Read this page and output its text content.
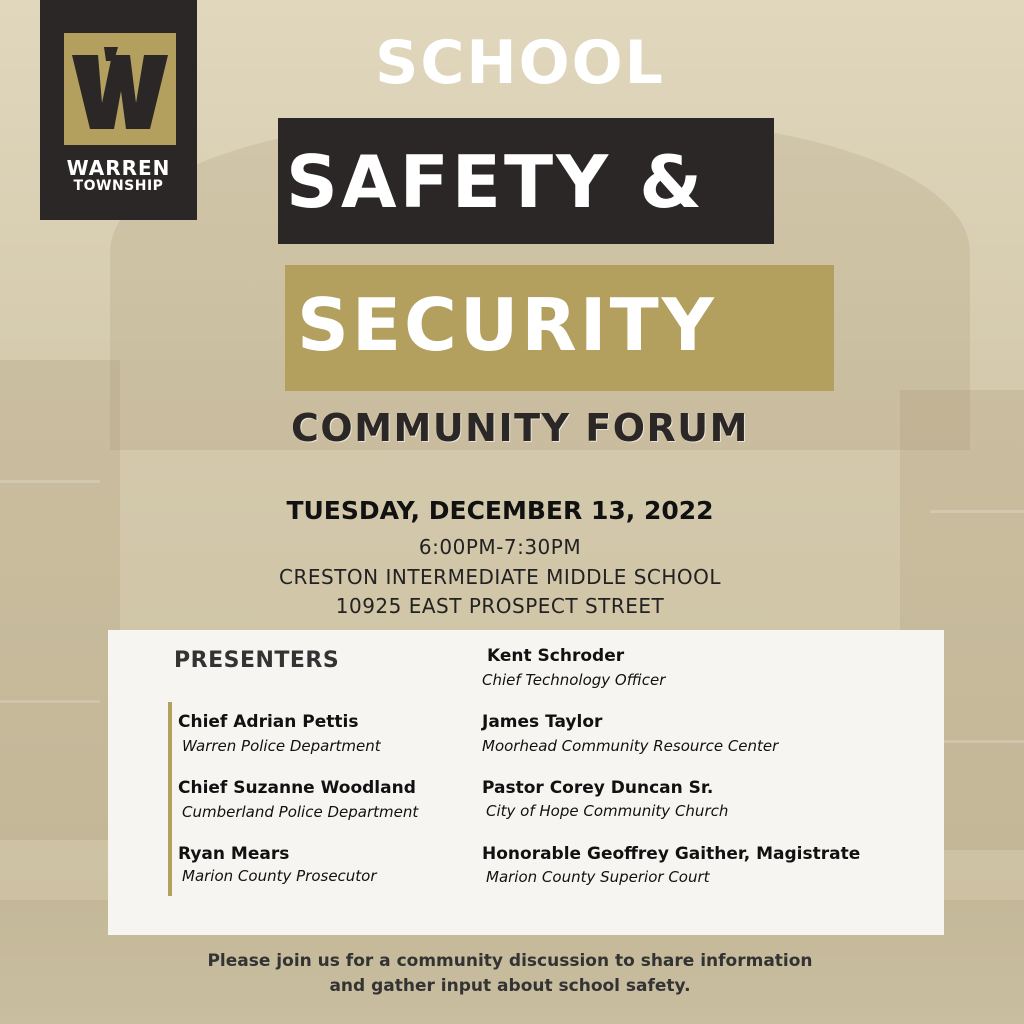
WARREN
TOWNSHIP
SCHOOL
SAFETY &
SECURITY
COMMUNITY FORUM
TUESDAY, DECEMBER 13, 2022
6:00PM-7:30PM
CRESTON INTERMEDIATE MIDDLE SCHOOL
10925 EAST PROSPECT STREET
PRESENTERS
Chief Adrian Pettis
Warren Police Department
Chief Suzanne Woodland
Cumberland Police Department
Ryan Mears
Marion County Prosecutor
Kent Schroder
Chief Technology Officer
James Taylor
Moorhead Community Resource Center
Pastor Corey Duncan Sr.
City of Hope Community Church
Honorable Geoffrey Gaither, Magistrate
Marion County Superior Court
Please join us for a community discussion to share information
and gather input about school safety.
